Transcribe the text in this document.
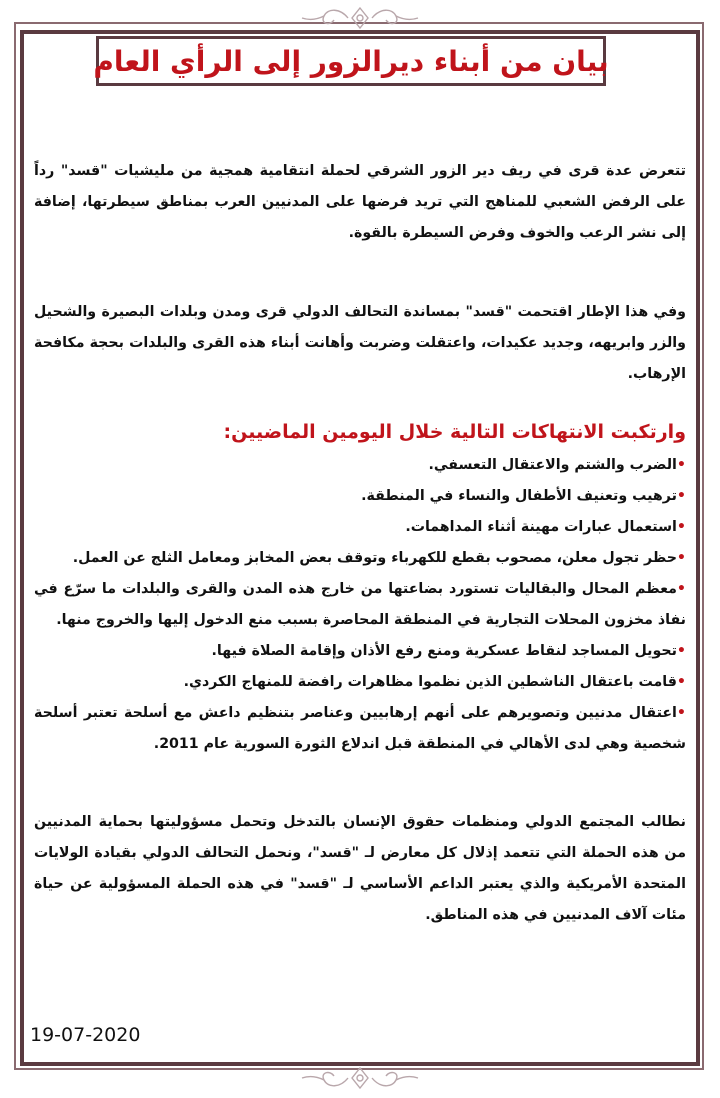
بيان من أبناء ديرالزور إلى الرأي العام

تتعرض عدة قرى في ريف دير الزور الشرقي لحملة انتقامية همجية من مليشيات "قسد" رداً على الرفض الشعبي للمناهج التي تريد فرضها على المدنيين العرب بمناطق سيطرتها، إضافة إلى نشر الرعب والخوف وفرض السيطرة بالقوة.

وفي هذا الإطار اقتحمت "قسد" بمساندة التحالف الدولي قرى ومدن وبلدات البصيرة والشحيل والزر وابريهه، وجديد عكيدات، واعتقلت وضربت وأهانت أبناء هذه القرى والبلدات بحجة مكافحة الإرهاب.

وارتكبت الانتهاكات التالية خلال اليومين الماضيين:
•الضرب والشتم والاعتقال التعسفي.
•ترهيب وتعنيف الأطفال والنساء في المنطقة.
•استعمال عبارات مهينة أثناء المداهمات.
•حظر تجول معلن، مصحوب بقطع للكهرباء وتوقف بعض المخابز ومعامل الثلج عن العمل.
•معظم المحال والبقاليات تستورد بضاعتها من خارج هذه المدن والقرى والبلدات ما سرّع في نفاذ مخزون المحلات التجارية في المنطقة المحاصرة بسبب منع الدخول إليها والخروج منها.
•تحويل المساجد لنقاط عسكرية ومنع رفع الأذان وإقامة الصلاة فيها.
•قامت باعتقال الناشطين الذين نظموا مظاهرات رافضة للمنهاج الكردي.
•اعتقال مدنيين وتصويرهم على أنهم إرهابيين وعناصر بتنظيم داعش مع أسلحة تعتبر أسلحة شخصية وهي لدى الأهالي في المنطقة قبل اندلاع الثورة السورية عام 2011.

نطالب المجتمع الدولي ومنظمات حقوق الإنسان بالتدخل وتحمل مسؤوليتها بحماية المدنيين من هذه الحملة التي تتعمد إذلال كل معارض لـ "قسد"، ونحمل التحالف الدولي بقيادة الولايات المتحدة الأمريكية والذي يعتبر الداعم الأساسي لـ "قسد" في هذه الحملة المسؤولية عن حياة مئات آلاف المدنيين في هذه المناطق.

19-07-2020
